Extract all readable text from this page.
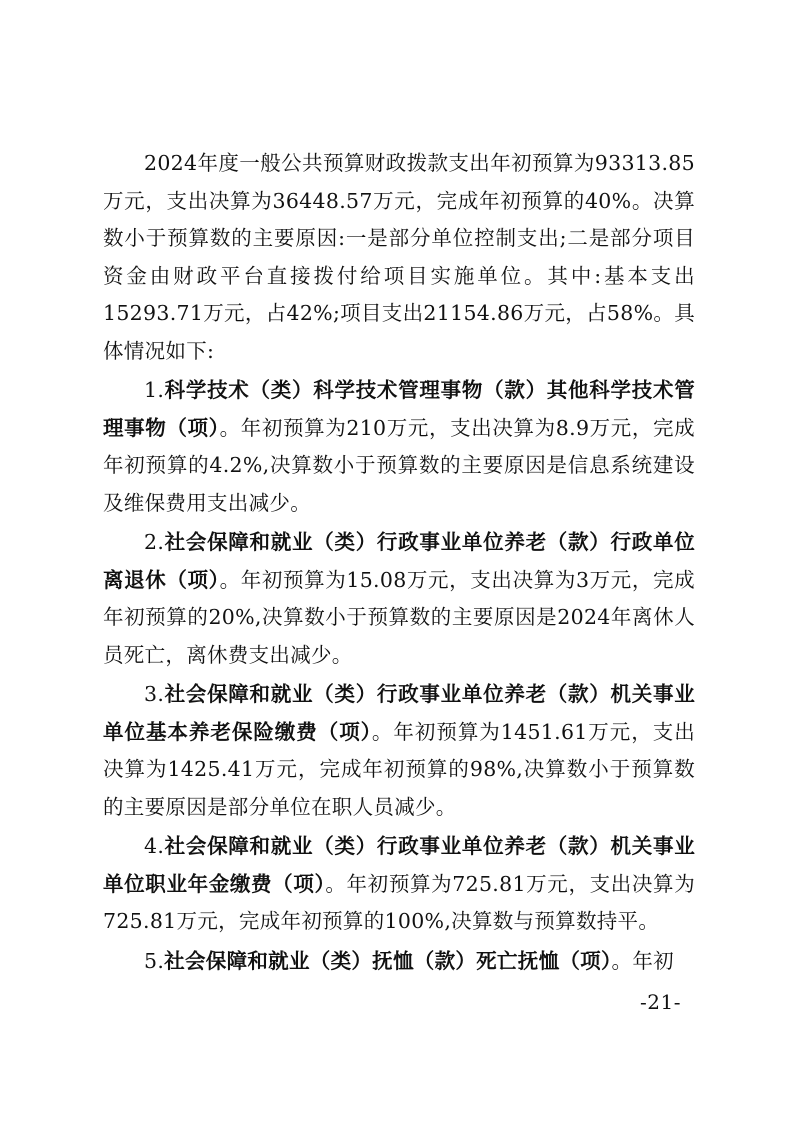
2024年度一般公共预算财政拨款支出年初预算为93313.85万元，支出决算为36448.57万元，完成年初预算的40%。决算数小于预算数的主要原因:一是部分单位控制支出;二是部分项目资金由财政平台直接拨付给项目实施单位。其中:基本支出15293.71万元，占42%;项目支出21154.86万元，占58%。具体情况如下:

1.科学技术（类）科学技术管理事物（款）其他科学技术管理事物（项）。年初预算为210万元，支出决算为8.9万元，完成年初预算的4.2%,决算数小于预算数的主要原因是信息系统建设及维保费用支出减少。

2.社会保障和就业（类）行政事业单位养老（款）行政单位离退休（项）。年初预算为15.08万元，支出决算为3万元，完成年初预算的20%,决算数小于预算数的主要原因是2024年离休人员死亡，离休费支出减少。

3.社会保障和就业（类）行政事业单位养老（款）机关事业单位基本养老保险缴费（项）。年初预算为1451.61万元，支出决算为1425.41万元，完成年初预算的98%,决算数小于预算数的主要原因是部分单位在职人员减少。

4.社会保障和就业（类）行政事业单位养老（款）机关事业单位职业年金缴费（项）。年初预算为725.81万元，支出决算为725.81万元，完成年初预算的100%,决算数与预算数持平。

5.社会保障和就业（类）抚恤（款）死亡抚恤（项）。年初

-21-
